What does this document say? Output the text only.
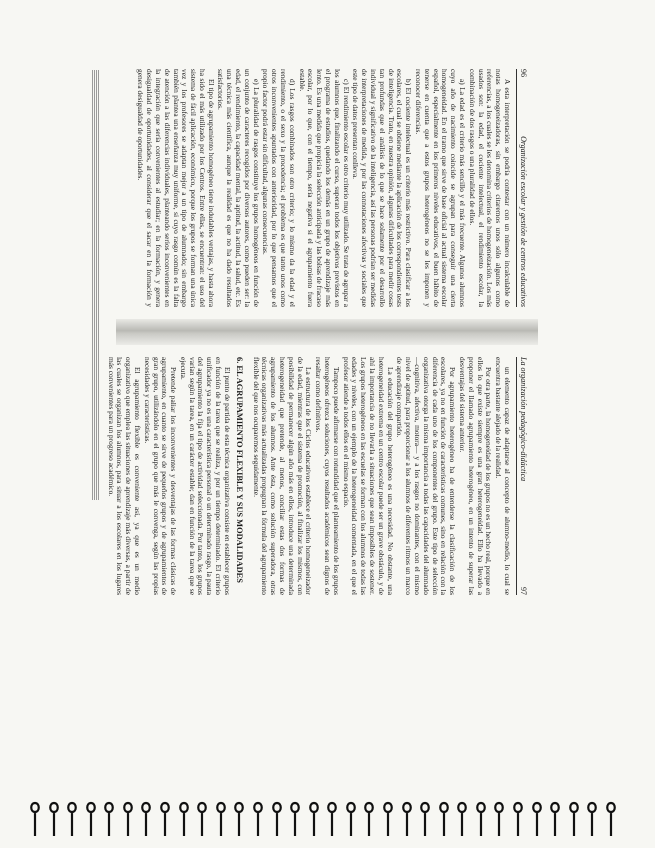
96
Organización escolar y gestión de centros educativos

A esta interpretación se podría contestar con un número incalculable de notas homogeneizadoras, sin embargo citaremos unos sólo algunos como referencias, a los cuales se les denomina criterios de homogeneización. Los más usados son: la edad, el cociente intelectual, el rendimiento escolar, la combinación de dos rasgos o una pluralidad de ellos.

a) La edad es el criterio más sencillo y el más frecuente. Algunos alumnos cuyo año de nacimiento coincide se agrupan para conseguir una cierta homogeneidad. En el tramo que sirve de base oficial al actual sistema escolar español, especialmente en los primeros niveles educativos, el buen hábito de tenerse en cuenta que a estos grupos heterogéneos no se les imponen y reconocer diferencias.

b) El cociente intelectual es un criterio más restrictivo. Para clasificar a los escolares, el cual se obtiene mediante la aplicación de los correspondientes tests de inteligencia. Trato, en nuestra opinión, algunas dificultades para medir cosas tan profundas que el análisis de lo que se hace solamente por el desarrollo individual y significativo de la inteligencia, así las personas podrían ser medidas de interpretaciones de medida, y por las connotaciones afectivas y sociales que este tipo de datos presentan conlleva.

c) El rendimiento escolar es otro criterio muy utilizado. Se trata de agrupar a los alumnos que, finalizando el curso, superan todos los objetivos previstos en el programa de estudios, quedando los demás en un grupo de aprendizaje más lento. Es una medida que propicia la selección anticipada y las bolsas de fracaso escolar, por lo que, con el tiempo, sería negativa si el agrupamiento fuera estable.

d) Los rasgos combinados son otro criterio; y lo mismo da la edad y el rendimiento, o el sexo y la procedencia; el problema es que tanto unos como otros inconvenientes apuntados con anterioridad, por lo que pensamos que el propio factor podrá estar sin dificultad, algunas consecuencias.

e) La pluralidad de rasgos constituye los grupos homogéneos en función de un conjunto de caracteres recogidos por diversos autores, como pueden ser: la edad, el rendimiento, la capacidad mental, la aptitud, la actitud, la salud, etc. Es una técnica más científica, aunque la realidad es que no ha dado resultados satisfactorios.

El tipo de agrupamiento homogéneo tiene indudables ventajas, y hasta ahora ha sido el más utilizado por los Centros. Entre ellas, se encuentran: el uso del sistema de fácil aplicación, económico, porque los grupos se forman una única vez y los profesores se adaptan mejor a un tipo de alumnado; sin embargo también plantea una enseñanza muy uniforme, si cuyo rasgo común es la falta de atención a las diferencias individuales, planteando serios inconvenientes en la integración que sería convenientes al estudiar; en la formación, y genera desigualdad de oportunidades, al considerar que el sacar en la formación y genera desigualdad de oportunidades.

La organización pedagógico-didáctica
97

un elemento capaz de adaptarse al concepto de alumno-medio, lo cual se encuentra bastante alejado de la realidad.

Por otra parte, la homogeneidad de los grupos no es un hecho real, porque en ellos lo que existe siempre es una gran heterogeneidad. Ello ha llevado a proponer el llamado agrupamiento heterogéneo, en un intento de superar las desventajas del sistema anterior.

Por agrupamiento heterogéneo ha de entenderse la clasificación de los escolares, ya no en función de características comunes, sino en relación con la diferencia de cada uno de los componentes del grupo. Este tipo de selección organizativa otorga la misma importancia a todas las capacidades del alumnado —cognitiva, afectiva, motora— y a los rasgos no dominantes, con el mismo nivel de aptitud, para proporcionar a los alumnos de diferentes ritmos un marco de aprendizaje compartido.

La educación del grupo heterogéneo es una necesidad. No obstante, una heterogeneidad extrema en un centro escolar puede ser un grave obstáculo, y de ahí la importancia de no llevarla a situaciones que sean imposibles de sostener. Los grupos heterogéneos en las escuelas se forman con los alumnos de todas las edades y niveles, con un ejemplo de la heterogeneidad comentada, en el que el profesor atiende a todos ellos en el mismo espacio.

Tampoco puede afirmarse con rotundidad que el planteamiento de los grupos heterogéneos ofrezca soluciones, cuyos resultados académicos sean dignos de resaltar como definitivos.

La estructura de los Ciclos educativos establece el criterio homogeneizador de la edad, mientras que el sistema de promoción, al finalizar los mismos, con posibilidad de permanecer algún año más en ellos, introduce una determinada heterogeneidad que pretende, al menos, conciliar estas dos formas de agrupamiento de los alumnos. Ante ésta, como solución superadora, otras técnicas organizativas más actualizadas propugnan la fórmula del agrupamiento flexible del que nos ocuparemos seguidamente.

6. EL AGRUPAMIENTO FLEXIBLE Y SUS MODALIDADES

El punto de partida de esta técnica organizativa consiste en establecer grupos en función de la tarea que se realiza, y por un tiempo determinado. El criterio unificador ya no es una característica personal o un determinado rasgo, la pauta del agrupamiento la fija el tipo de actividad seleccionada. Por tanto, los grupos varían según la tarea, en un carácter estable; dan en función de la tarea que se ejecuta.

Pretende paliar los inconvenientes y desventajas de las formas clásicas de agrupamiento, en cuanto se sirve de pequeños grupos y de agrupamientos de gran grupo, utilizándolo en el grupo que más le convenga, según las propias necesidades y características.

El agrupamiento flexible es conveniente así, ya que es un medio organizativo que emplea las situaciones de aprendizaje más diversas, a partir de las cuales se organizan los alumnos, para situar a los escolares en los lugares más convenientes para un progreso académico.
